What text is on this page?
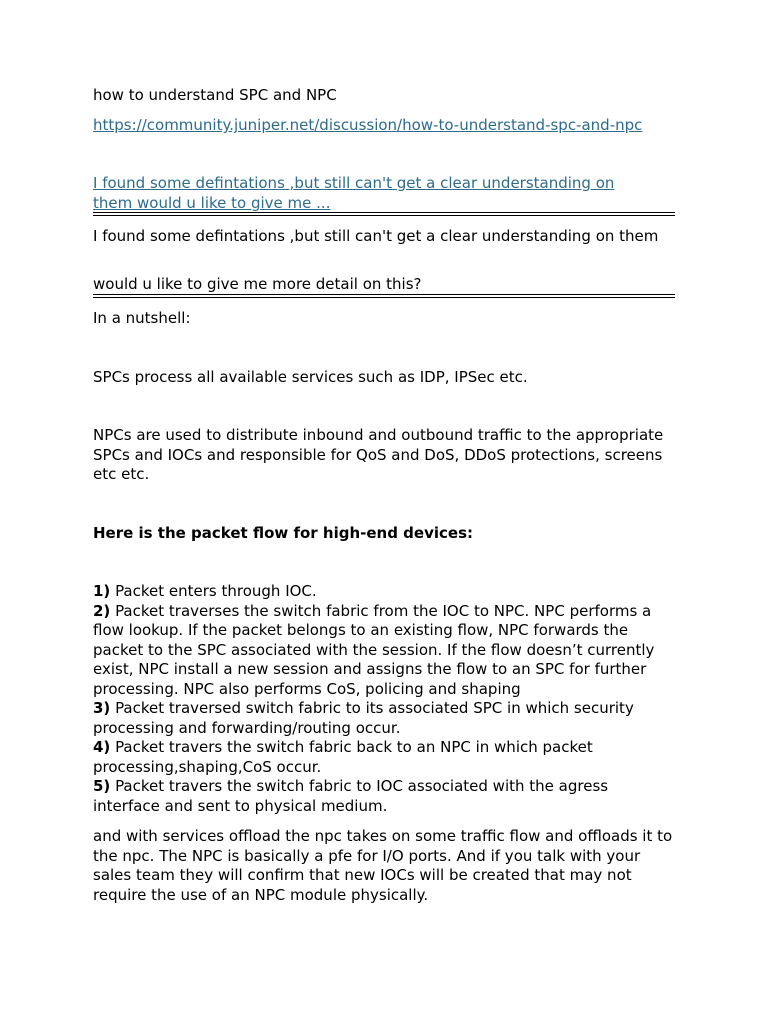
how to understand SPC and NPC
https://community.juniper.net/discussion/how-to-understand-spc-and-npc
I found some defintations ,but still can't get a clear understanding on
them would u like to give me ...
I found some defintations ,but still can't get a clear understanding on them
would u like to give me more detail on this?
In a nutshell:
SPCs process all available services such as IDP, IPSec etc.
NPCs are used to distribute inbound and outbound traffic to the appropriate SPCs and IOCs and responsible for QoS and DoS, DDoS protections, screens etc etc.
Here is the packet flow for high-end devices:
1) Packet enters through IOC.
2) Packet traverses the switch fabric from the IOC to NPC. NPC performs a flow lookup. If the packet belongs to an existing flow, NPC forwards the packet to the SPC associated with the session. If the flow doesn’t currently exist, NPC install a new session and assigns the flow to an SPC for further processing. NPC also performs CoS, policing and shaping
3) Packet traversed switch fabric to its associated SPC in which security processing and forwarding/routing occur.
4) Packet travers the switch fabric back to an NPC in which packet processing,shaping,CoS occur.
5) Packet travers the switch fabric to IOC associated with the agress interface and sent to physical medium.
and with services offload the npc takes on some traffic flow and offloads it to the npc. The NPC is basically a pfe for I/O ports. And if you talk with your sales team they will confirm that new IOCs will be created that may not require the use of an NPC module physically.
